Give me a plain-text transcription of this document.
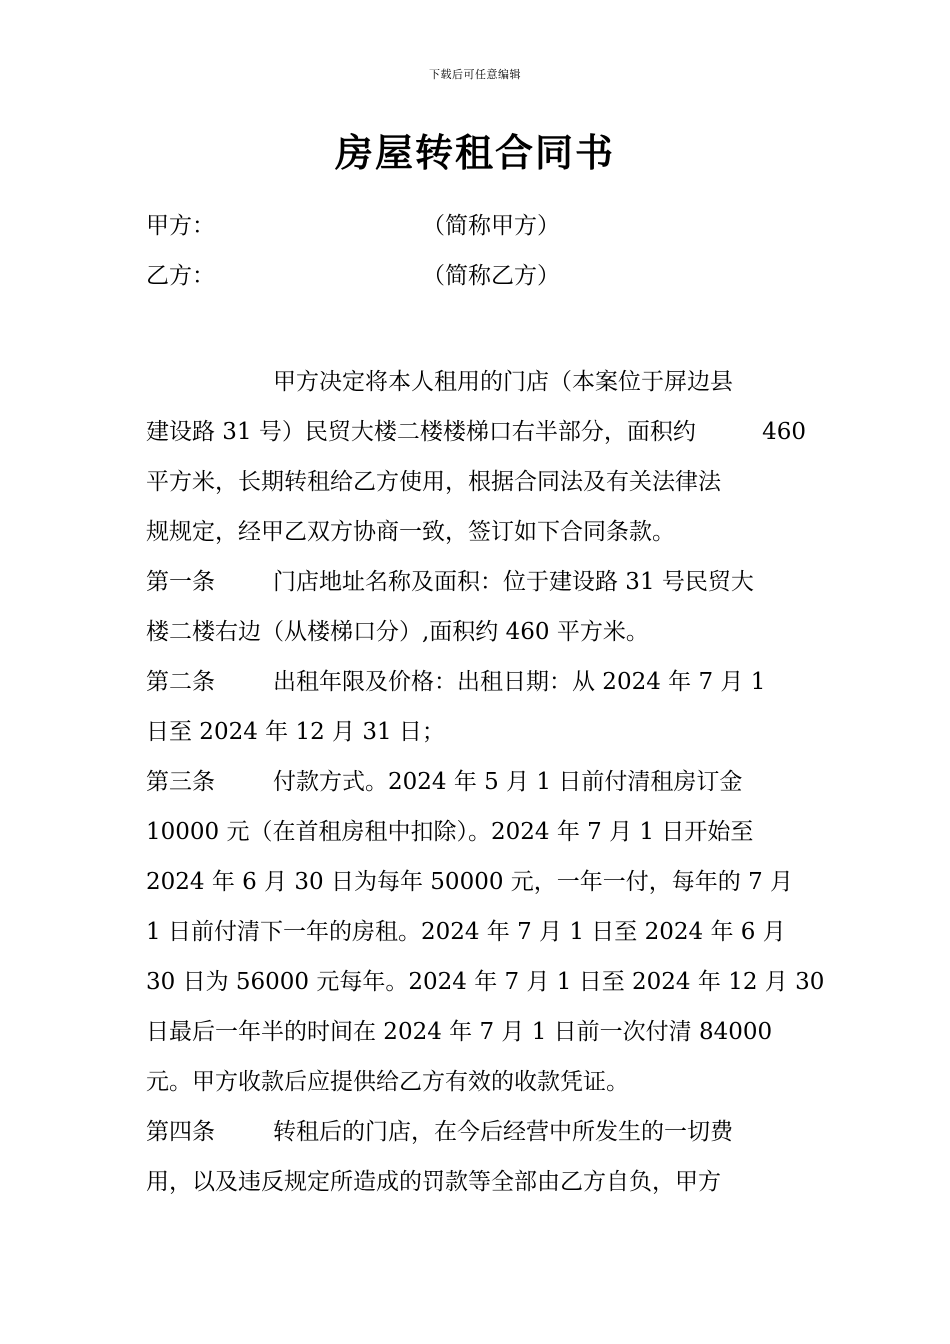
下载后可任意编辑
房屋转租合同书
甲方：	（简称甲方）
乙方：	（简称乙方）
甲方决定将本人租用的门店（本案位于屏边县
建设路 31 号）民贸大楼二楼楼梯口右半部分，面积约	460
平方米，长期转租给乙方使用，根据合同法及有关法律法
规规定，经甲乙双方协商一致，签订如下合同条款。
第一条	门店地址名称及面积：位于建设路 31 号民贸大
楼二楼右边（从楼梯口分）,面积约 460 平方米。
第二条	出租年限及价格：出租日期：从 2024 年 7 月 1
日至 2024 年 12 月 31 日；
第三条	付款方式。2024 年 5 月 1 日前付清租房订金
10000 元（在首租房租中扣除）。2024 年 7 月 1 日开始至
2024 年 6 月 30 日为每年 50000 元，一年一付，每年的 7 月
1 日前付清下一年的房租。2024 年 7 月 1 日至 2024 年 6 月
30 日为 56000 元每年。2024 年 7 月 1 日至 2024 年 12 月 30
日最后一年半的时间在 2024 年 7 月 1 日前一次付清 84000
元。甲方收款后应提供给乙方有效的收款凭证。
第四条	转租后的门店，在今后经营中所发生的一切费
用，以及违反规定所造成的罚款等全部由乙方自负，甲方
